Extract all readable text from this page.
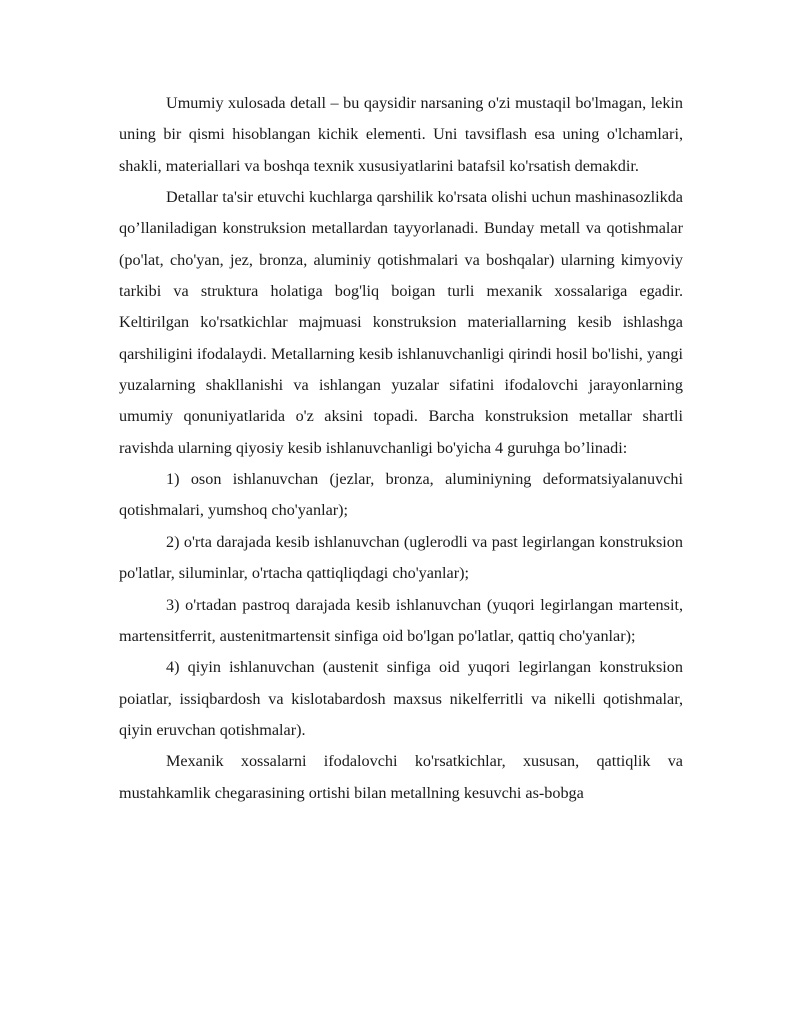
Umumiy xulosada detall – bu qaysidir narsaning o'zi mustaqil bo'lmagan, lekin uning bir qismi hisoblangan kichik elementi. Uni tavsiflash esa uning o'lchamlari, shakli, materiallari va boshqa texnik xususiyatlarini batafsil ko'rsatish demakdir.

Detallar ta'sir etuvchi kuchlarga qarshilik ko'rsata olishi uchun mashinasozlikda qo’llaniladigan konstruksion metallardan tayyorlanadi. Bunday metall va qotishmalar (po'lat, cho'yan, jez, bronza, aluminiy qotishmalari va boshqalar) ularning kimyoviy tarkibi va struktura holatiga bog'liq boigan turli mexanik xossalariga egadir. Keltirilgan ko'rsatkichlar majmuasi konstruksion materiallarning kesib ishlashga qarshiligini ifodalaydi. Metallarning kesib ishlanuvchanligi qirindi hosil bo'lishi, yangi yuzalarning shakllanishi va ishlangan yuzalar sifatini ifodalovchi jarayonlarning umumiy qonuniyatlarida o'z aksini topadi. Barcha konstruksion metallar shartli ravishda ularning qiyosiy kesib ishlanuvchanligi bo'yicha 4 guruhga bo’linadi:

1) oson ishlanuvchan (jezlar, bronza, aluminiyning deformatsiyalanuvchi qotishmalari, yumshoq cho'yanlar);

2) o'rta darajada kesib ishlanuvchan (uglerodli va past legirlangan konstruksion po'latlar, siluminlar, o'rtacha qattiqliqdagi cho'yanlar);

3) o'rtadan pastroq darajada kesib ishlanuvchan (yuqori legirlangan martensit, martensitferrit, austenitmartensit sinfiga oid bo'lgan po'latlar, qattiq cho'yanlar);

4) qiyin ishlanuvchan (austenit sinfiga oid yuqori legirlangan konstruksion poiatlar, issiqbardosh va kislotabardosh maxsus nikelferritli va nikelli qotishmalar, qiyin eruvchan qotishmalar).

Mexanik xossalarni ifodalovchi ko'rsatkichlar, xususan, qattiqlik va mustahkamlik chegarasining ortishi bilan metallning kesuvchi as-bobga
